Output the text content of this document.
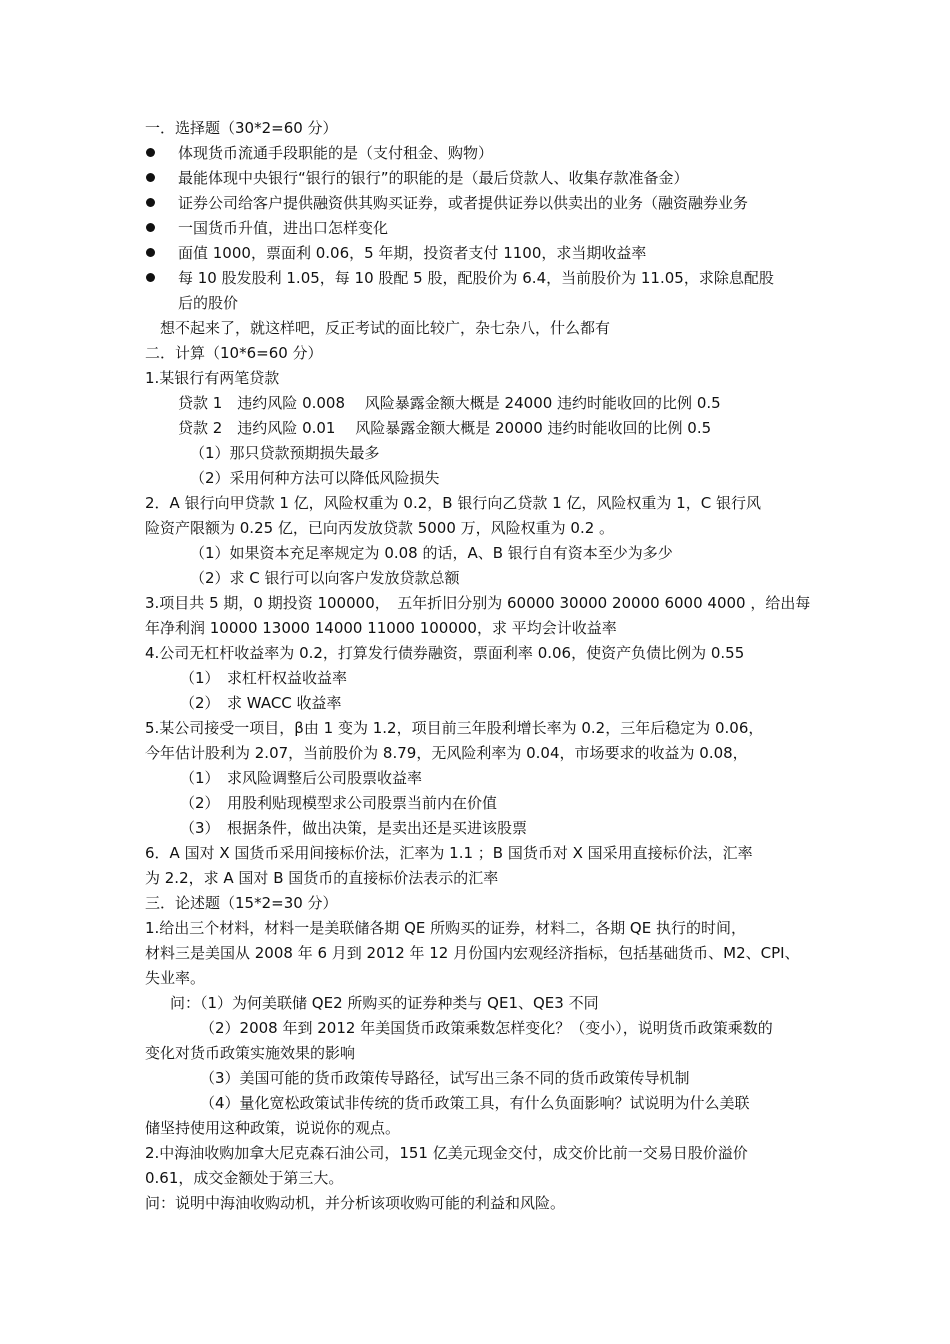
一．选择题（30*2=60 分）
体现货币流通手段职能的是（支付租金、购物）
最能体现中央银行“银行的银行”的职能的是（最后贷款人、收集存款准备金）
证券公司给客户提供融资供其购买证券，或者提供证券以供卖出的业务（融资融券业务
一国货币升值，进出口怎样变化
面值 1000，票面利 0.06，5 年期，投资者支付 1100，求当期收益率
每 10 股发股利 1.05，每 10 股配 5 股，配股价为 6.4，当前股价为 11.05，求除息配股
后的股价
想不起来了，就这样吧，反正考试的面比较广，杂七杂八，什么都有
二．计算（10*6=60 分）
1.某银行有两笔贷款
贷款 1　违约风险 0.008　 风险暴露金额大概是 24000 违约时能收回的比例 0.5
贷款 2　违约风险 0.01　 风险暴露金额大概是 20000 违约时能收回的比例 0.5
（1）那只贷款预期损失最多
（2）采用何种方法可以降低风险损失
2．A 银行向甲贷款 1 亿，风险权重为 0.2，B 银行向乙贷款 1 亿，风险权重为 1，C 银行风
险资产限额为 0.25 亿，已向丙发放贷款 5000 万，风险权重为 0.2 。
（1）如果资本充足率规定为 0.08 的话，A、B 银行自有资本至少为多少
（2）求 C 银行可以向客户发放贷款总额
3.项目共 5 期，0 期投资 100000，　五年折旧分别为 60000 30000 20000 6000 4000 ，给出每
年净利润 10000 13000 14000 11000 100000，求 平均会计收益率
4.公司无杠杆收益率为 0.2，打算发行债券融资，票面利率 0.06，使资产负债比例为 0.55
（1）　求杠杆权益收益率
（2）　求 WACC 收益率
5.某公司接受一项目，β由 1 变为 1.2，项目前三年股利增长率为 0.2，三年后稳定为 0.06，
今年估计股利为 2.07，当前股价为 8.79，无风险利率为 0.04，市场要求的收益为 0.08，
（1）　求风险调整后公司股票收益率
（2）　用股利贴现模型求公司股票当前内在价值
（3）　根据条件，做出决策，是卖出还是买进该股票
6．A 国对 X 国货币采用间接标价法，汇率为 1.1 ；B 国货币对 X 国采用直接标价法，汇率
为 2.2，求 A 国对 B 国货币的直接标价法表示的汇率
三．论述题（15*2=30 分）
1.给出三个材料，材料一是美联储各期 QE 所购买的证券，材料二，各期 QE 执行的时间，
材料三是美国从 2008 年 6 月到 2012 年 12 月份国内宏观经济指标，包括基础货币、M2、CPI、
失业率。
问：（1）为何美联储 QE2 所购买的证券种类与 QE1、QE3 不同
（2）2008 年到 2012 年美国货币政策乘数怎样变化？（变小），说明货币政策乘数的
变化对货币政策实施效果的影响
（3）美国可能的货币政策传导路径，试写出三条不同的货币政策传导机制
（4）量化宽松政策试非传统的货币政策工具，有什么负面影响？试说明为什么美联
储坚持使用这种政策，说说你的观点。
2.中海油收购加拿大尼克森石油公司，151 亿美元现金交付，成交价比前一交易日股价溢价
0.61，成交金额处于第三大。
问：说明中海油收购动机，并分析该项收购可能的利益和风险。
